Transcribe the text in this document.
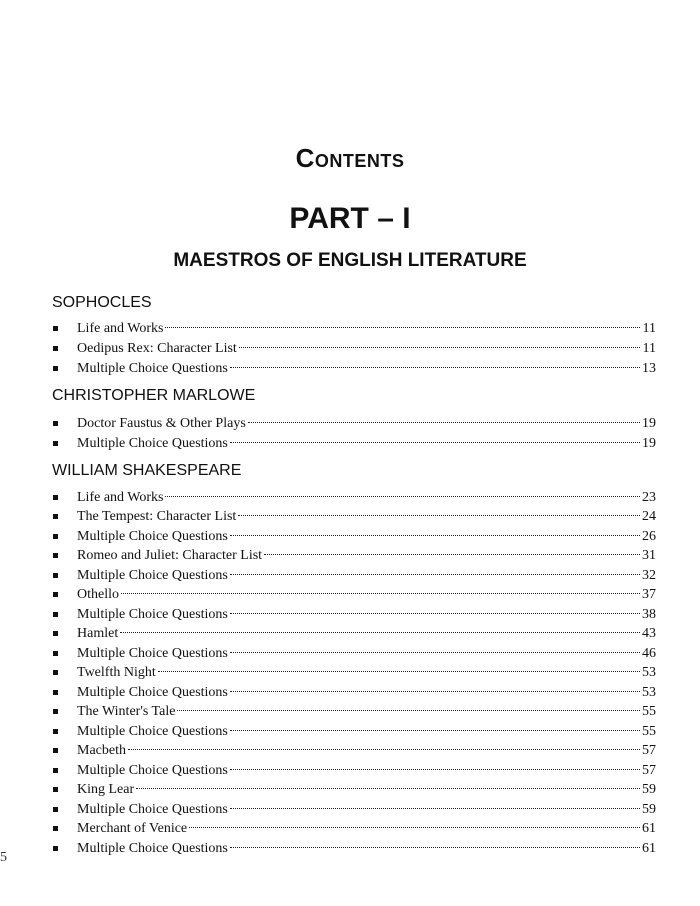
Contents
PART – I
MAESTROS OF ENGLISH LITERATURE
SOPHOCLES
Life and Works	11
Oedipus Rex: Character List	11
Multiple Choice Questions	13
CHRISTOPHER MARLOWE
Doctor Faustus & Other Plays	19
Multiple Choice Questions	19
WILLIAM SHAKESPEARE
Life and Works	23
The Tempest: Character List	24
Multiple Choice Questions	26
Romeo and Juliet: Character List	31
Multiple Choice Questions	32
Othello	37
Multiple Choice Questions	38
Hamlet	43
Multiple Choice Questions	46
Twelfth Night	53
Multiple Choice Questions	53
The Winter's Tale	55
Multiple Choice Questions	55
Macbeth	57
Multiple Choice Questions	57
King Lear	59
Multiple Choice Questions	59
Merchant of Venice	61
Multiple Choice Questions	61
5
